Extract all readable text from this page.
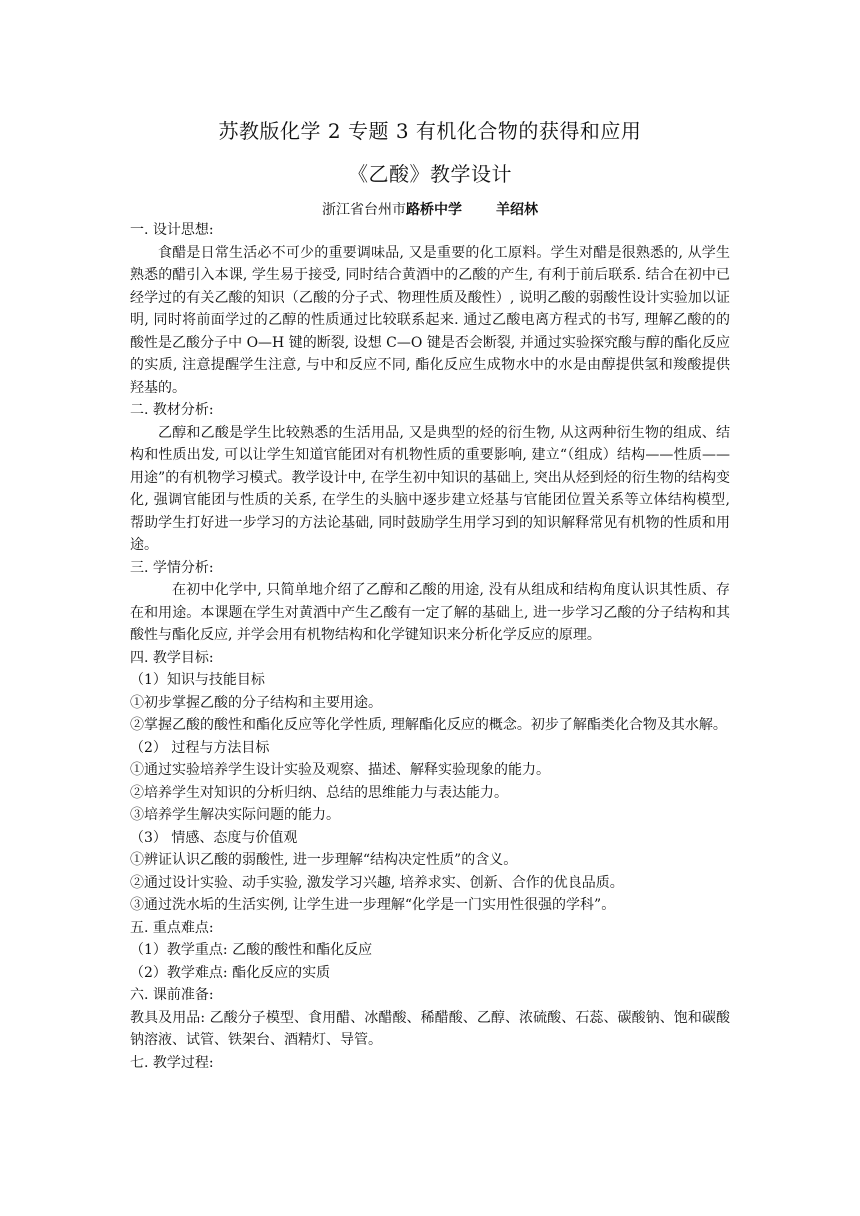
苏教版化学 2 专题 3 有机化合物的获得和应用
《乙酸》教学设计
浙江省台州市路桥中学 羊绍林

一. 设计思想:

食醋是日常生活必不可少的重要调味品, 又是重要的化工原料。学生对醋是很熟悉的, 从学生熟悉的醋引入本课, 学生易于接受, 同时结合黄酒中的乙酸的产生, 有利于前后联系. 结合在初中已经学过的有关乙酸的知识（乙酸的分子式、物理性质及酸性）, 说明乙酸的弱酸性设计实验加以证明, 同时将前面学过的乙醇的性质通过比较联系起来. 通过乙酸电离方程式的书写, 理解乙酸的的酸性是乙酸分子中 O—H 键的断裂, 设想 C—O 键是否会断裂, 并通过实验探究酸与醇的酯化反应的实质, 注意提醒学生注意, 与中和反应不同, 酯化反应生成物水中的水是由醇提供氢和羧酸提供羟基的。

二. 教材分析:

乙醇和乙酸是学生比较熟悉的生活用品, 又是典型的烃的衍生物, 从这两种衍生物的组成、结构和性质出发, 可以让学生知道官能团对有机物性质的重要影响, 建立“（组成）结构——性质——用途”的有机物学习模式。教学设计中, 在学生初中知识的基础上, 突出从烃到烃的衍生物的结构变化, 强调官能团与性质的关系, 在学生的头脑中逐步建立烃基与官能团位置关系等立体结构模型, 帮助学生打好进一步学习的方法论基础, 同时鼓励学生用学习到的知识解释常见有机物的性质和用途。

三. 学情分析:

在初中化学中, 只简单地介绍了乙醇和乙酸的用途, 没有从组成和结构角度认识其性质、存在和用途。本课题在学生对黄酒中产生乙酸有一定了解的基础上, 进一步学习乙酸的分子结构和其酸性与酯化反应, 并学会用有机物结构和化学键知识来分析化学反应的原理。

四. 教学目标:

（1）知识与技能目标

①初步掌握乙酸的分子结构和主要用途。

②掌握乙酸的酸性和酯化反应等化学性质, 理解酯化反应的概念。初步了解酯类化合物及其水解。

（2） 过程与方法目标

①通过实验培养学生设计实验及观察、描述、解释实验现象的能力。

②培养学生对知识的分析归纳、总结的思维能力与表达能力。

③培养学生解决实际问题的能力。

（3） 情感、态度与价值观

①辨证认识乙酸的弱酸性, 进一步理解“结构决定性质”的含义。

②通过设计实验、动手实验, 激发学习兴趣, 培养求实、创新、合作的优良品质。

③通过洗水垢的生活实例, 让学生进一步理解“化学是一门实用性很强的学科”。

五. 重点难点:

（1）教学重点: 乙酸的酸性和酯化反应

（2）教学难点: 酯化反应的实质

六. 课前准备:

教具及用品: 乙酸分子模型、食用醋、冰醋酸、稀醋酸、乙醇、浓硫酸、石蕊、碳酸钠、饱和碳酸钠溶液、试管、铁架台、酒精灯、导管。

七. 教学过程:
